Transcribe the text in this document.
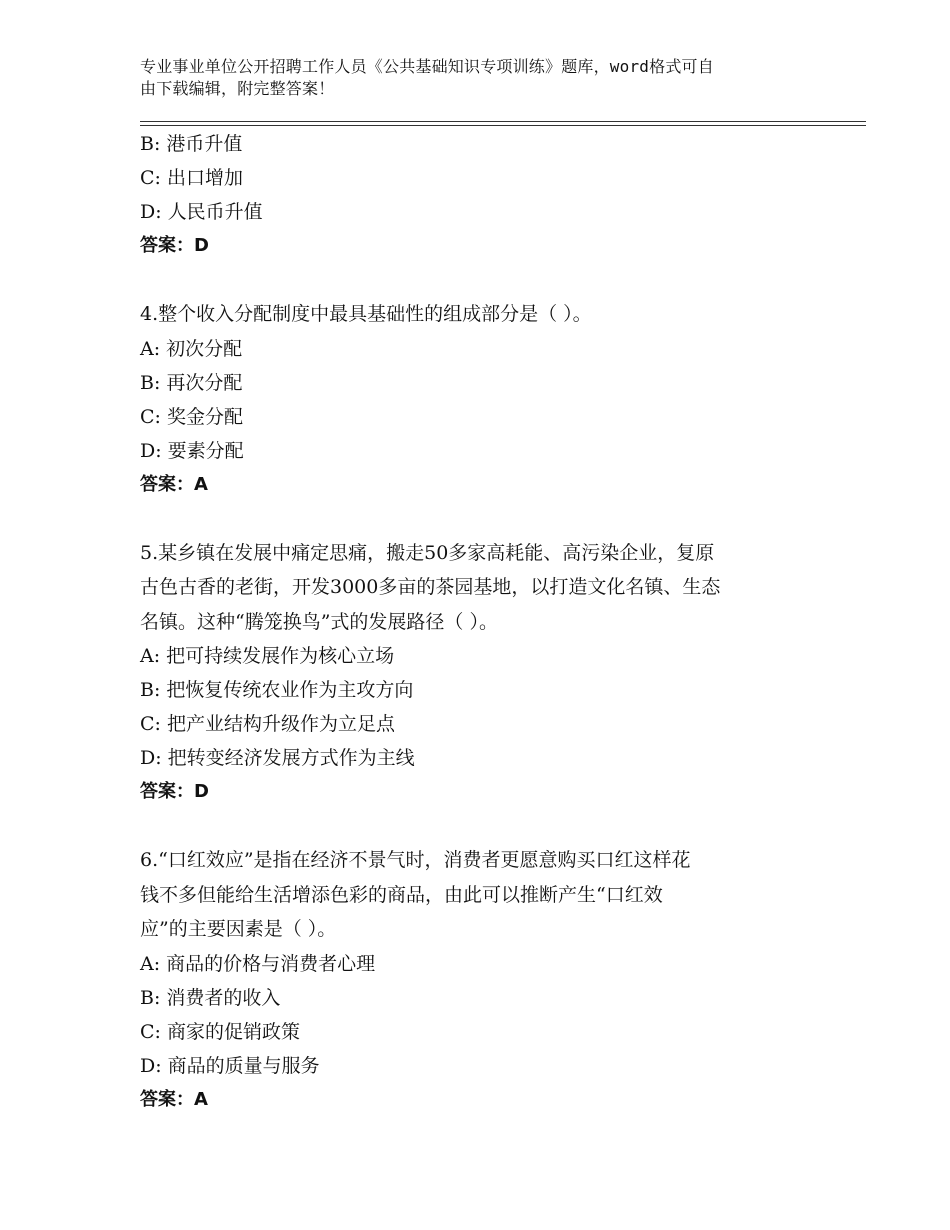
专业事业单位公开招聘工作人员《公共基础知识专项训练》题库，word格式可自
由下载编辑，附完整答案！
B: 港币升值
C: 出口增加
D: 人民币升值
答案：D
4.整个收入分配制度中最具基础性的组成部分是（ ）。
A: 初次分配
B: 再次分配
C: 奖金分配
D: 要素分配
答案：A
5.某乡镇在发展中痛定思痛，搬走50多家高耗能、高污染企业，复原
古色古香的老街，开发3000多亩的茶园基地，以打造文化名镇、生态
名镇。这种“腾笼换鸟”式的发展路径（ ）。
A: 把可持续发展作为核心立场
B: 把恢复传统农业作为主攻方向
C: 把产业结构升级作为立足点
D: 把转变经济发展方式作为主线
答案：D
6.“口红效应”是指在经济不景气时，消费者更愿意购买口红这样花
钱不多但能给生活增添色彩的商品，由此可以推断产生“口红效
应”的主要因素是（ ）。
A: 商品的价格与消费者心理
B: 消费者的收入
C: 商家的促销政策
D: 商品的质量与服务
答案：A
